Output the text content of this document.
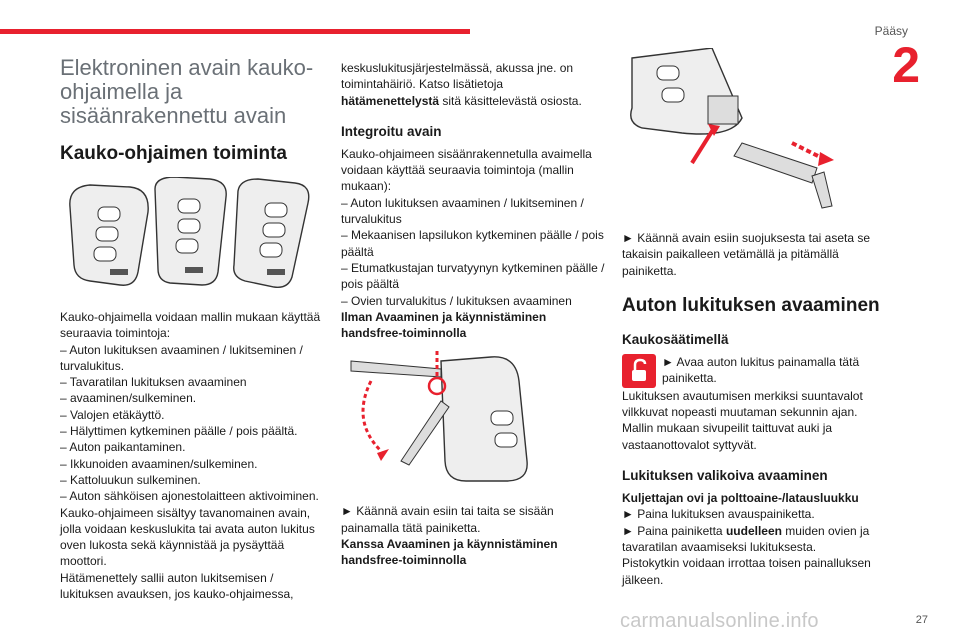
Pääsy
2
Elektroninen avain kauko-ohjaimella ja sisäänrakennettu avain
Kauko-ohjaimen toiminta

Kauko-ohjaimella voidaan mallin mukaan käyttää seuraavia toimintoja:

– Auton lukituksen avaaminen / lukitseminen / turvalukitus.
– Tavaratilan lukituksen avaaminen
– avaaminen/sulkeminen.
– Valojen etäkäyttö.
– Hälyttimen kytkeminen päälle / pois päältä.
– Auton paikantaminen.
– Ikkunoiden avaaminen/sulkeminen.
– Kattoluukun sulkeminen.
– Auton sähköisen ajonestolaitteen aktivoiminen.

Kauko-ohjaimeen sisältyy tavanomainen avain, jolla voidaan keskuslukita tai avata auton lukitus oven lukosta sekä käynnistää ja pysäyttää moottori.

Hätämenettely sallii auton lukitsemisen / lukituksen avauksen, jos kauko-ohjaimessa,

keskuslukitusjärjestelmässä, akussa jne. on toimintahäiriö. Katso lisätietoja
hätämenettelystä sitä käsittelevästä osiosta.

Integroitu avain

Kauko-ohjaimeen sisäänrakennetulla avaimella voidaan käyttää seuraavia toimintoja (mallin mukaan):

– Auton lukituksen avaaminen / lukitseminen / turvalukitus
– Mekaanisen lapsilukon kytkeminen päälle / pois päältä
– Etumatkustajan turvatyynyn kytkeminen päälle / pois päältä
– Ovien turvalukitus / lukituksen avaaminen

Ilman Avaaminen ja käynnistäminen handsfree-toiminnolla

► Käännä avain esiin tai taita se sisään painamalla tätä painiketta.

Kanssa Avaaminen ja käynnistäminen handsfree-toiminnolla

► Käännä avain esiin suojuksesta tai aseta se takaisin paikalleen vetämällä ja pitämällä painiketta.

Auton lukituksen avaaminen
Kaukosäätimellä

► Avaa auton lukitus painamalla tätä painiketta.

Lukituksen avautumisen merkiksi suuntavalot vilkkuvat nopeasti muutaman sekunnin ajan.

Mallin mukaan sivupeilit taittuvat auki ja vastaanottovalot syttyvät.

Lukituksen valikoiva avaaminen

Kuljettajan ovi ja polttoaine-/latausluukku

► Paina lukituksen avauspainiketta.

► Paina painiketta uudelleen muiden ovien ja tavaratilan avaamiseksi lukituksesta.

Pistokytkin voidaan irrottaa toisen painalluksen jälkeen.

carmanualsonline.info	27
